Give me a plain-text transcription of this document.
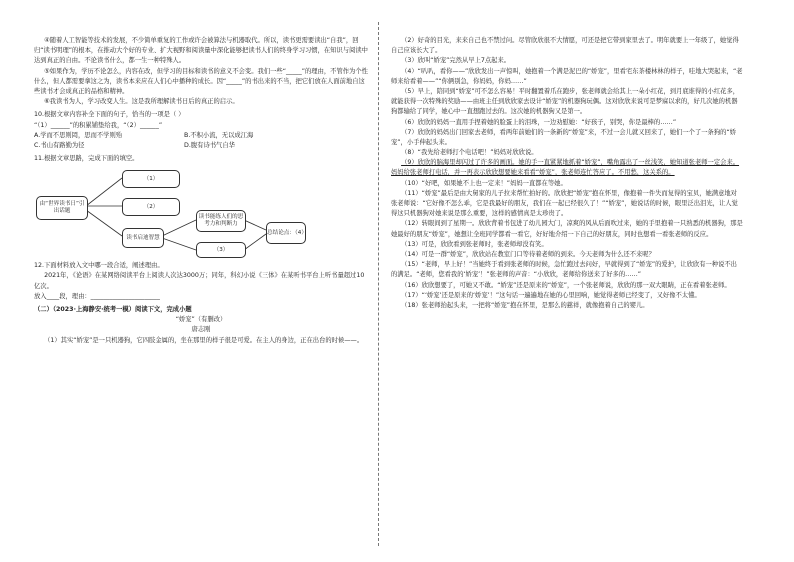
④随着人工智能等技术的发展，不少简单重复的工作或许会被算法与机器取代。所以，读书更需要读出“自我”，回归“读书明理”的根本，在推动大个好的专业、扩大视野和阅读量中深化能够把读书人们的终身学习习惯，在知识与阅读中达到真正的自由。不论读书什么，都一生一种特殊人。

⑤如果作为，学历不论怎么，内容在改，但学习的目标和读书的意义不会变。我们一些“_____”的理由，不管作为个性什么，但人都需要拿这之为，读书本来应在人们心中播种的成长。因“_____”的书出来的不当，把它们放在人面前地自这些读书才会成真正的品格和精神。

⑥我读书为人，学习改变人生。这是我所理解读书日后的真正的启示。

10.根据文章内容补全下面的句子，恰当的一项是（ ）

“（1）______”的积累铺垫给我，“（2）______”

A.学而不思则罔，思而不学则殆	B.不积小流，无以成江海
C.书山有路勤为径	D.腹有诗书气自华

11.根据文章思路，完成下面的填空。

由“世界读书日”引出话题
（1）
（2）
读书启迪智慧
读书能练人们的思考力和判断力
（3）
总结论点：（4）

12.下面材料放入文中哪一段合适，阐述理由。

2021年，《论语》在某网络阅读平台上阅读人次达3000万；同年，科幻小说《三体》在某听书平台上听书量超过10亿次。

放入____段，理由：______________________

（二）（2023·上海静安·统考一模）阅读下文，完成小题

“娇宠”（有删改）

唐志刚

（1）其实“娇宠”是一只机器狗，它四肢金属的，坐在那里的样子很是可爱。在主人的身边，正在出台的时候——。

（2）好奇的目光，来来自己也不禁过问。尽管欣欣很不大情愿，可还是把它带到家里去了。明年就要上一年级了，她觉得自己应该长大了。

（3）欣叫“娇宠”完然从早上7点起来。

（4）“叭叭，看你——”欣欣发出一声惊叫，她抱着一个满是泥巴的“娇宠”，里看宅东茶楼林林的样子，哇地大哭起来，“老师来给看着——”“你俩别急，你妈妈，你妈……”

（5）早上，陪同到“娇宠”可不怎么容易！平时翻置着爪在跑步，张老师就会给其上一朵小红花，到月底谁得的小红花多，就能获得一次特殊的奖励——由班主任到欣欣家去设计“娇宠”的机器狗玩偶。这对欣欣来说可是梦寐以求的，好几次她的机器狗都输给了同学，她心中一直想跑过去的。这次她的机器狗又是第一。

（6）欣欣的妈妈一直用手捏着她的脸蛋上的泪珠，一边劝慰她：“好孩子，别哭，你是最棒的……”

（7）欣欣的妈妈出门回家去老师，看两年前她们的一条新的“娇宠”来，不过一会儿就又回来了，她们一个了一条狗的“娇宠”，小手伸起头来。

（8）“我先给老师打个电话吧！”妈妈对欣欣说。

（9）欣欣的脑海里却闪过了许多的画面。她的手一直紧紧地抓着“娇宠”，嘴角露出了一丝浅笑，她知道张老师一定会来。妈妈给张老师打电话，并一再表示欣欣想要她来看看“娇宠”，张老师连忙答应了。不用愁，这关系的。

（10）“好吧，如果她不上也一定来！”妈妈一直都在等她。

（11）“娇宠”最后是由大舅家的儿子拉来帮忙拍好的。欣欣把“娇宠”抱在怀里，像抱着一件失而复得的宝贝，她满意地对张老师说：“它好像不怎么乖，它是我最好的朋友，我们在一起已经很久了！”“娇宠”，她说话的时候，眼里泛出泪光，让人觉得这只机器狗对她来说是那么重要，这样的感情真是太珍贵了。

（12）转眼间到了星期一。欣欣背着书包进了幼儿园大门，凉爽的风从后面吹过来，她的手里抱着一只熟悉的机器狗，那是她最好的朋友“娇宠”，她想让全班同学都看一看它，好好地介绍一下自己的好朋友，同时也想看一看张老师的反应。

（13）可是，欣欣看到张老师时，张老师却没有笑。

（14）可是一群“娇宠”，欣欣站在教室门口等待着老师的到来。今天老师为什么还不来呢？

（15）“老师，早上好！”当她终于看到张老师的时候，急忙跑过去问好，早就得到了“娇宠”的爱护，让欣欣有一种说不出的满足。“老师，您看我的‘娇宠’！”张老师的声音：“小欣欣，老师给你送来了好多的……”

（16）欣欣想要了，可她又不敢。“娇宠”还是原来的“娇宠”，一个张老师说，欣欣的那一双大眼睛，正在看着张老师。

（17）“‘娇宠’还是原来的‘娇宠’！”这句话一遍遍地在她的心里回响，她觉得老师已经变了，又好像不太懂。

（18）张老师抬起头来，一把将“娇宠”抱在怀里，是那么的慈祥，就像抱着自己的婴儿。
